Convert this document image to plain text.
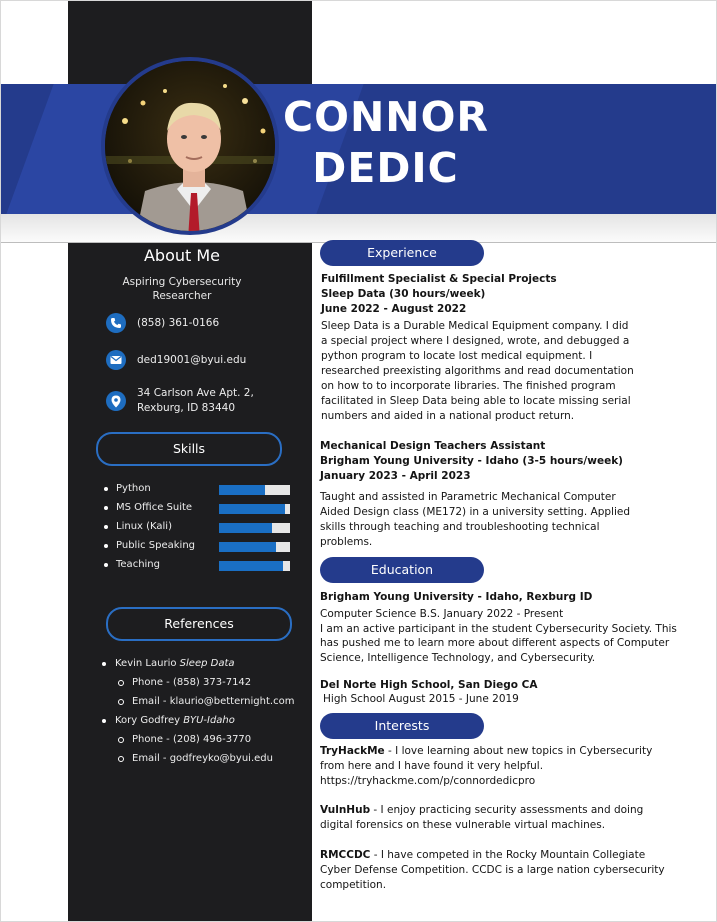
CONNOR
DEDIC
About Me
Aspiring Cybersecurity
Researcher
(858) 361-0166
ded19001@byui.edu
34 Carlson Ave Apt. 2,
Rexburg, ID 83440
Skills
Python
MS Office Suite
Linux (Kali)
Public Speaking
Teaching
References
Kevin Laurio Sleep Data
Phone - (858) 373-7142
Email - klaurio@betternight.com
Kory Godfrey BYU-Idaho
Phone - (208) 496-3770
Email - godfreyko@byui.edu
Experience
Fulfillment Specialist & Special Projects
Sleep Data (30 hours/week)
June 2022 - August 2022
Sleep Data is a Durable Medical Equipment company. I did
a special project where I designed, wrote, and debugged a
python program to locate lost medical equipment. I
researched preexisting algorithms and read documentation
on how to to incorporate libraries. The finished program
facilitated in Sleep Data being able to locate missing serial
numbers and aided in a national product return.
Mechanical Design Teachers Assistant
Brigham Young University - Idaho (3-5 hours/week)
January 2023 - April 2023
Taught and assisted in Parametric Mechanical Computer
Aided Design class (ME172) in a university setting. Applied
skills through teaching and troubleshooting technical
problems.
Education
Brigham Young University - Idaho, Rexburg ID
Computer Science B.S. January 2022 - Present
I am an active participant in the student Cybersecurity Society. This
has pushed me to learn more about different aspects of Computer
Science, Intelligence Technology, and Cybersecurity.
Del Norte High School, San Diego CA
High School August 2015 - June 2019
Interests
TryHackMe - I love learning about new topics in Cybersecurity
from here and I have found it very helpful.
https://tryhackme.com/p/connordedicpro
VulnHub - I enjoy practicing security assessments and doing
digital forensics on these vulnerable virtual machines.
RMCCDC - I have competed in the Rocky Mountain Collegiate
Cyber Defense Competition. CCDC is a large nation cybersecurity
competition.
